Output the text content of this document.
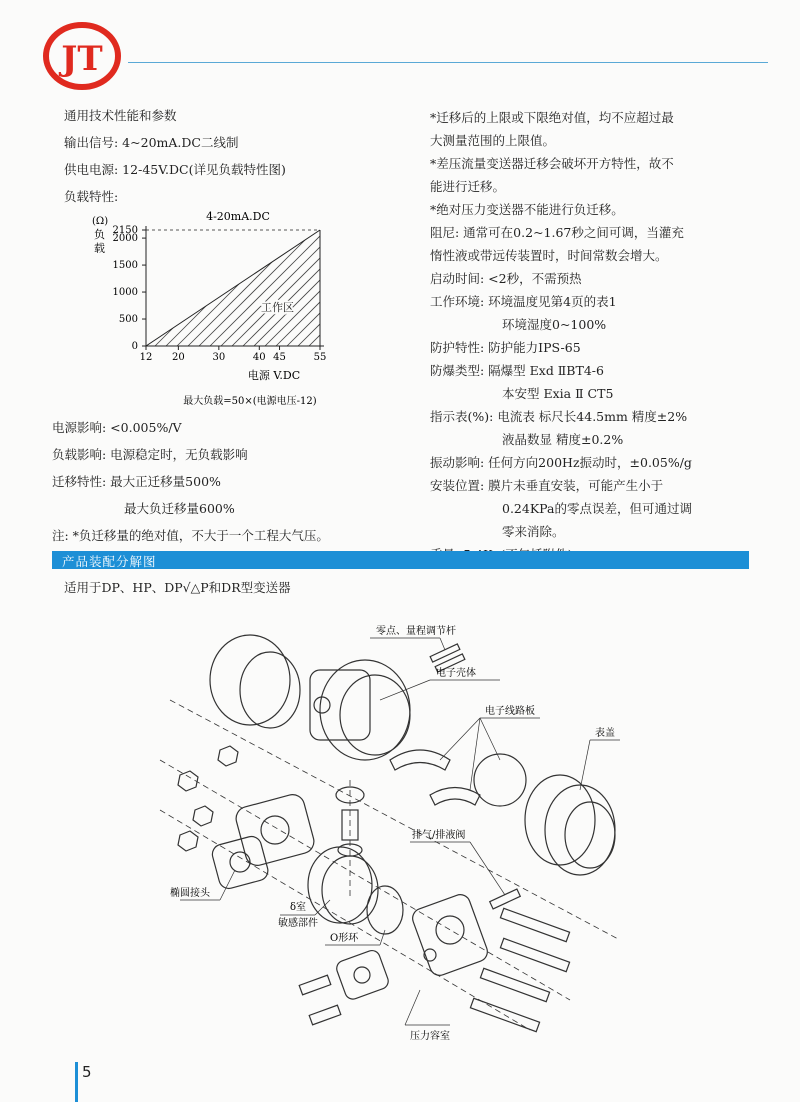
JT
通用技术性能和参数
输出信号: 4~20mA.DC二线制
供电电源: 12-45V.DC(详见负载特性图)
负载特性:
(Ω)
负载
4-20mA.DC
电源 V.DC
最大负载=50×(电源电压-12)
0
500
1000
1500
2000
2150
12 20	30	40 45	55
工作区
电源影响: <0.005%/V
负载影响: 电源稳定时，无负载影响
迁移特性: 最大正迁移量500%
最大负迁移量600%
注: *负迁移量的绝对值，不大于一个工程大气压。
*迁移后的上限或下限绝对值，均不应超过最
大测量范围的上限值。
*差压流量变送器迁移会破坏开方特性，故不
能进行迁移。
*绝对压力变送器不能进行负迁移。
阻尼: 通常可在0.2~1.67秒之间可调，当灌充
惰性液或带远传装置时，时间常数会增大。
启动时间: <2秒，不需预热
工作环境: 环境温度见第4页的表1
环境湿度0~100%
防护特性: 防护能力IPS-65
防爆类型: 隔爆型 Exd ⅡBT4-6
本安型 Exia Ⅱ CT5
指示表(%): 电流表 标尺长44.5mm 精度±2%
液晶数显 精度±0.2%
振动影响: 任何方向200Hz振动时，±0.05%/g
安装位置: 膜片未垂直安装，可能产生小于
0.24KPa的零点误差，但可通过调
零来消除。
产品装配分解图
适用于DP、HP、DP√△P和DR型变送器
零点、量程调节杆
电子壳体
电子线路板
表盖
排气/排液阀
椭圆接头
δ室
敏感部件
O形环
压力容室
5
